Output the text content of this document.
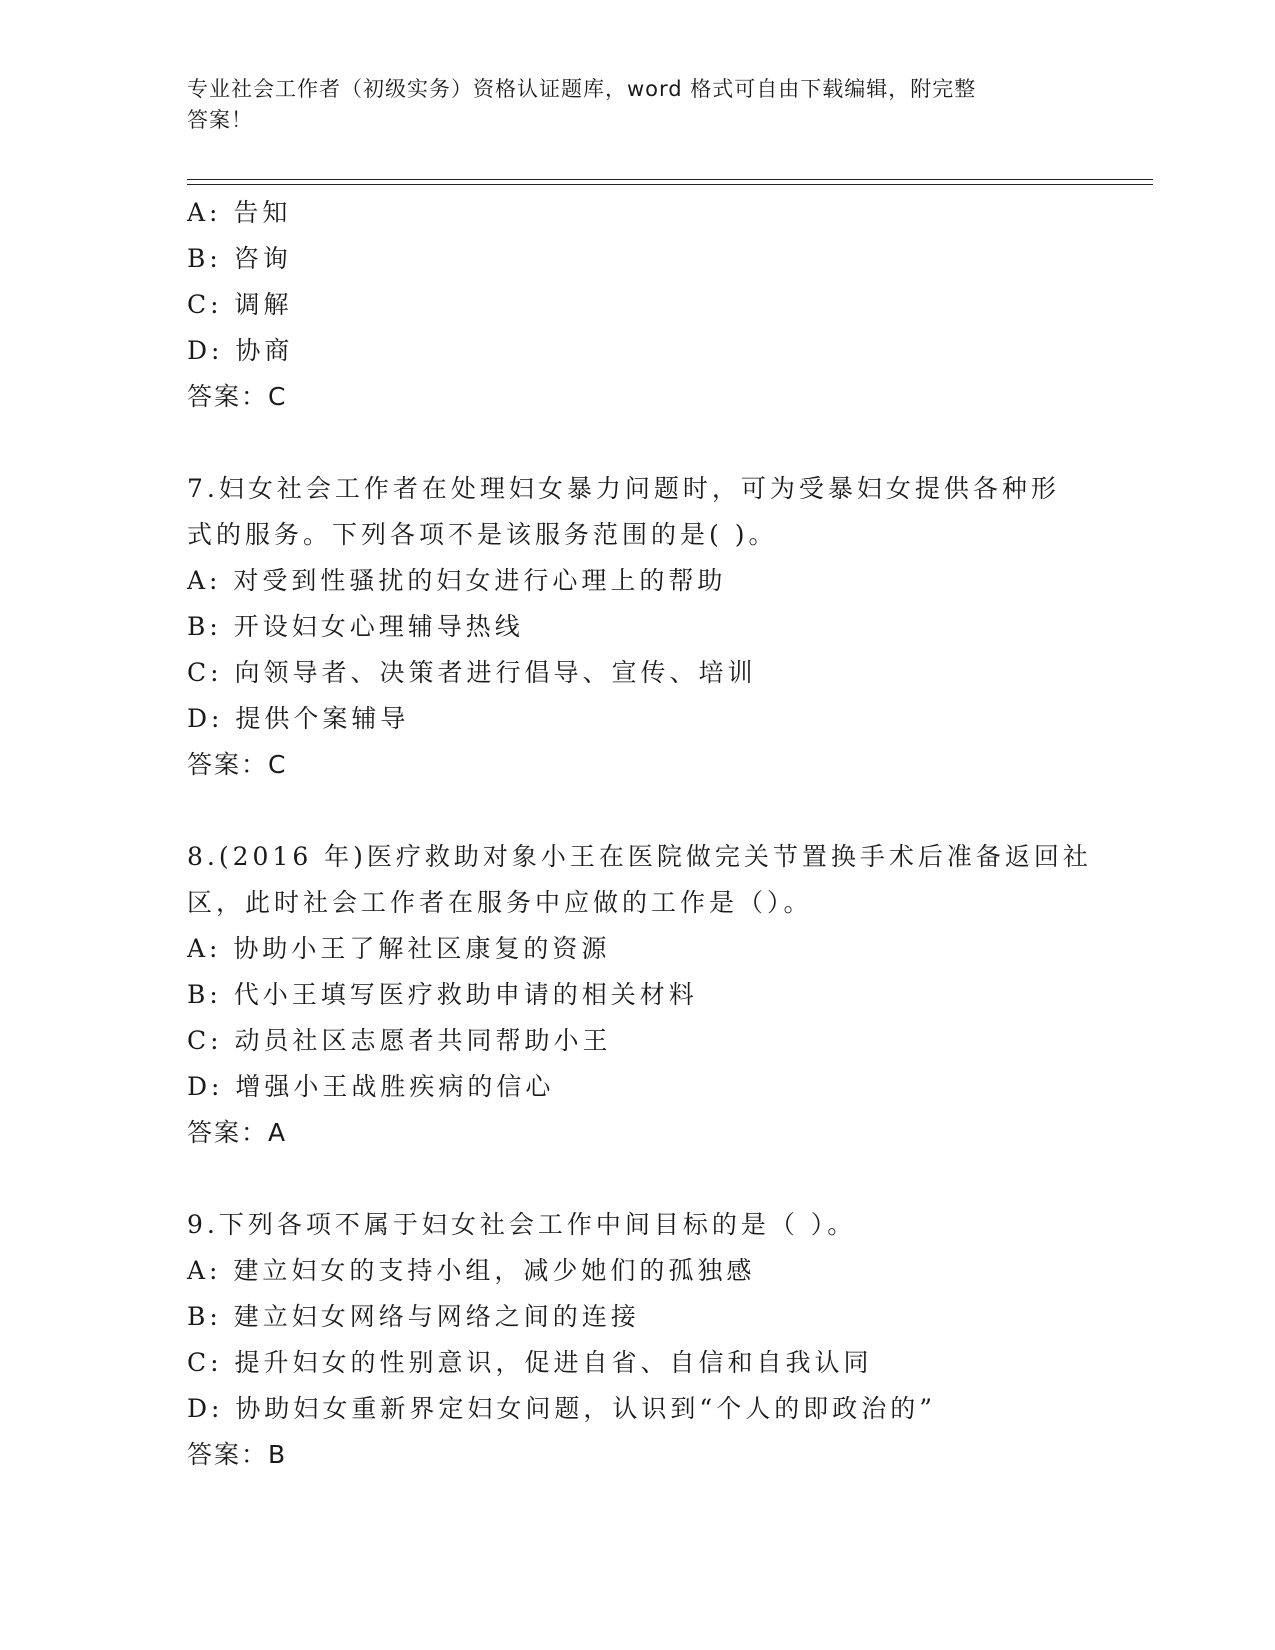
专业社会工作者（初级实务）资格认证题库，word 格式可自由下载编辑，附完整
答案！
A: 告知
B: 咨询
C: 调解
D: 协商
答案：C
7.妇女社会工作者在处理妇女暴力问题时，可为受暴妇女提供各种形
式的服务。下列各项不是该服务范围的是( )。
A: 对受到性骚扰的妇女进行心理上的帮助
B: 开设妇女心理辅导热线
C: 向领导者、决策者进行倡导、宣传、培训
D: 提供个案辅导
答案：C
8.(2016 年)医疗救助对象小王在医院做完关节置换手术后准备返回社
区，此时社会工作者在服务中应做的工作是（）。
A: 协助小王了解社区康复的资源
B: 代小王填写医疗救助申请的相关材料
C: 动员社区志愿者共同帮助小王
D: 增强小王战胜疾病的信心
答案：A
9.下列各项不属于妇女社会工作中间目标的是（ ）。
A: 建立妇女的支持小组，减少她们的孤独感
B: 建立妇女网络与网络之间的连接
C: 提升妇女的性别意识，促进自省、自信和自我认同
D: 协助妇女重新界定妇女问题，认识到“个人的即政治的”
答案：B
